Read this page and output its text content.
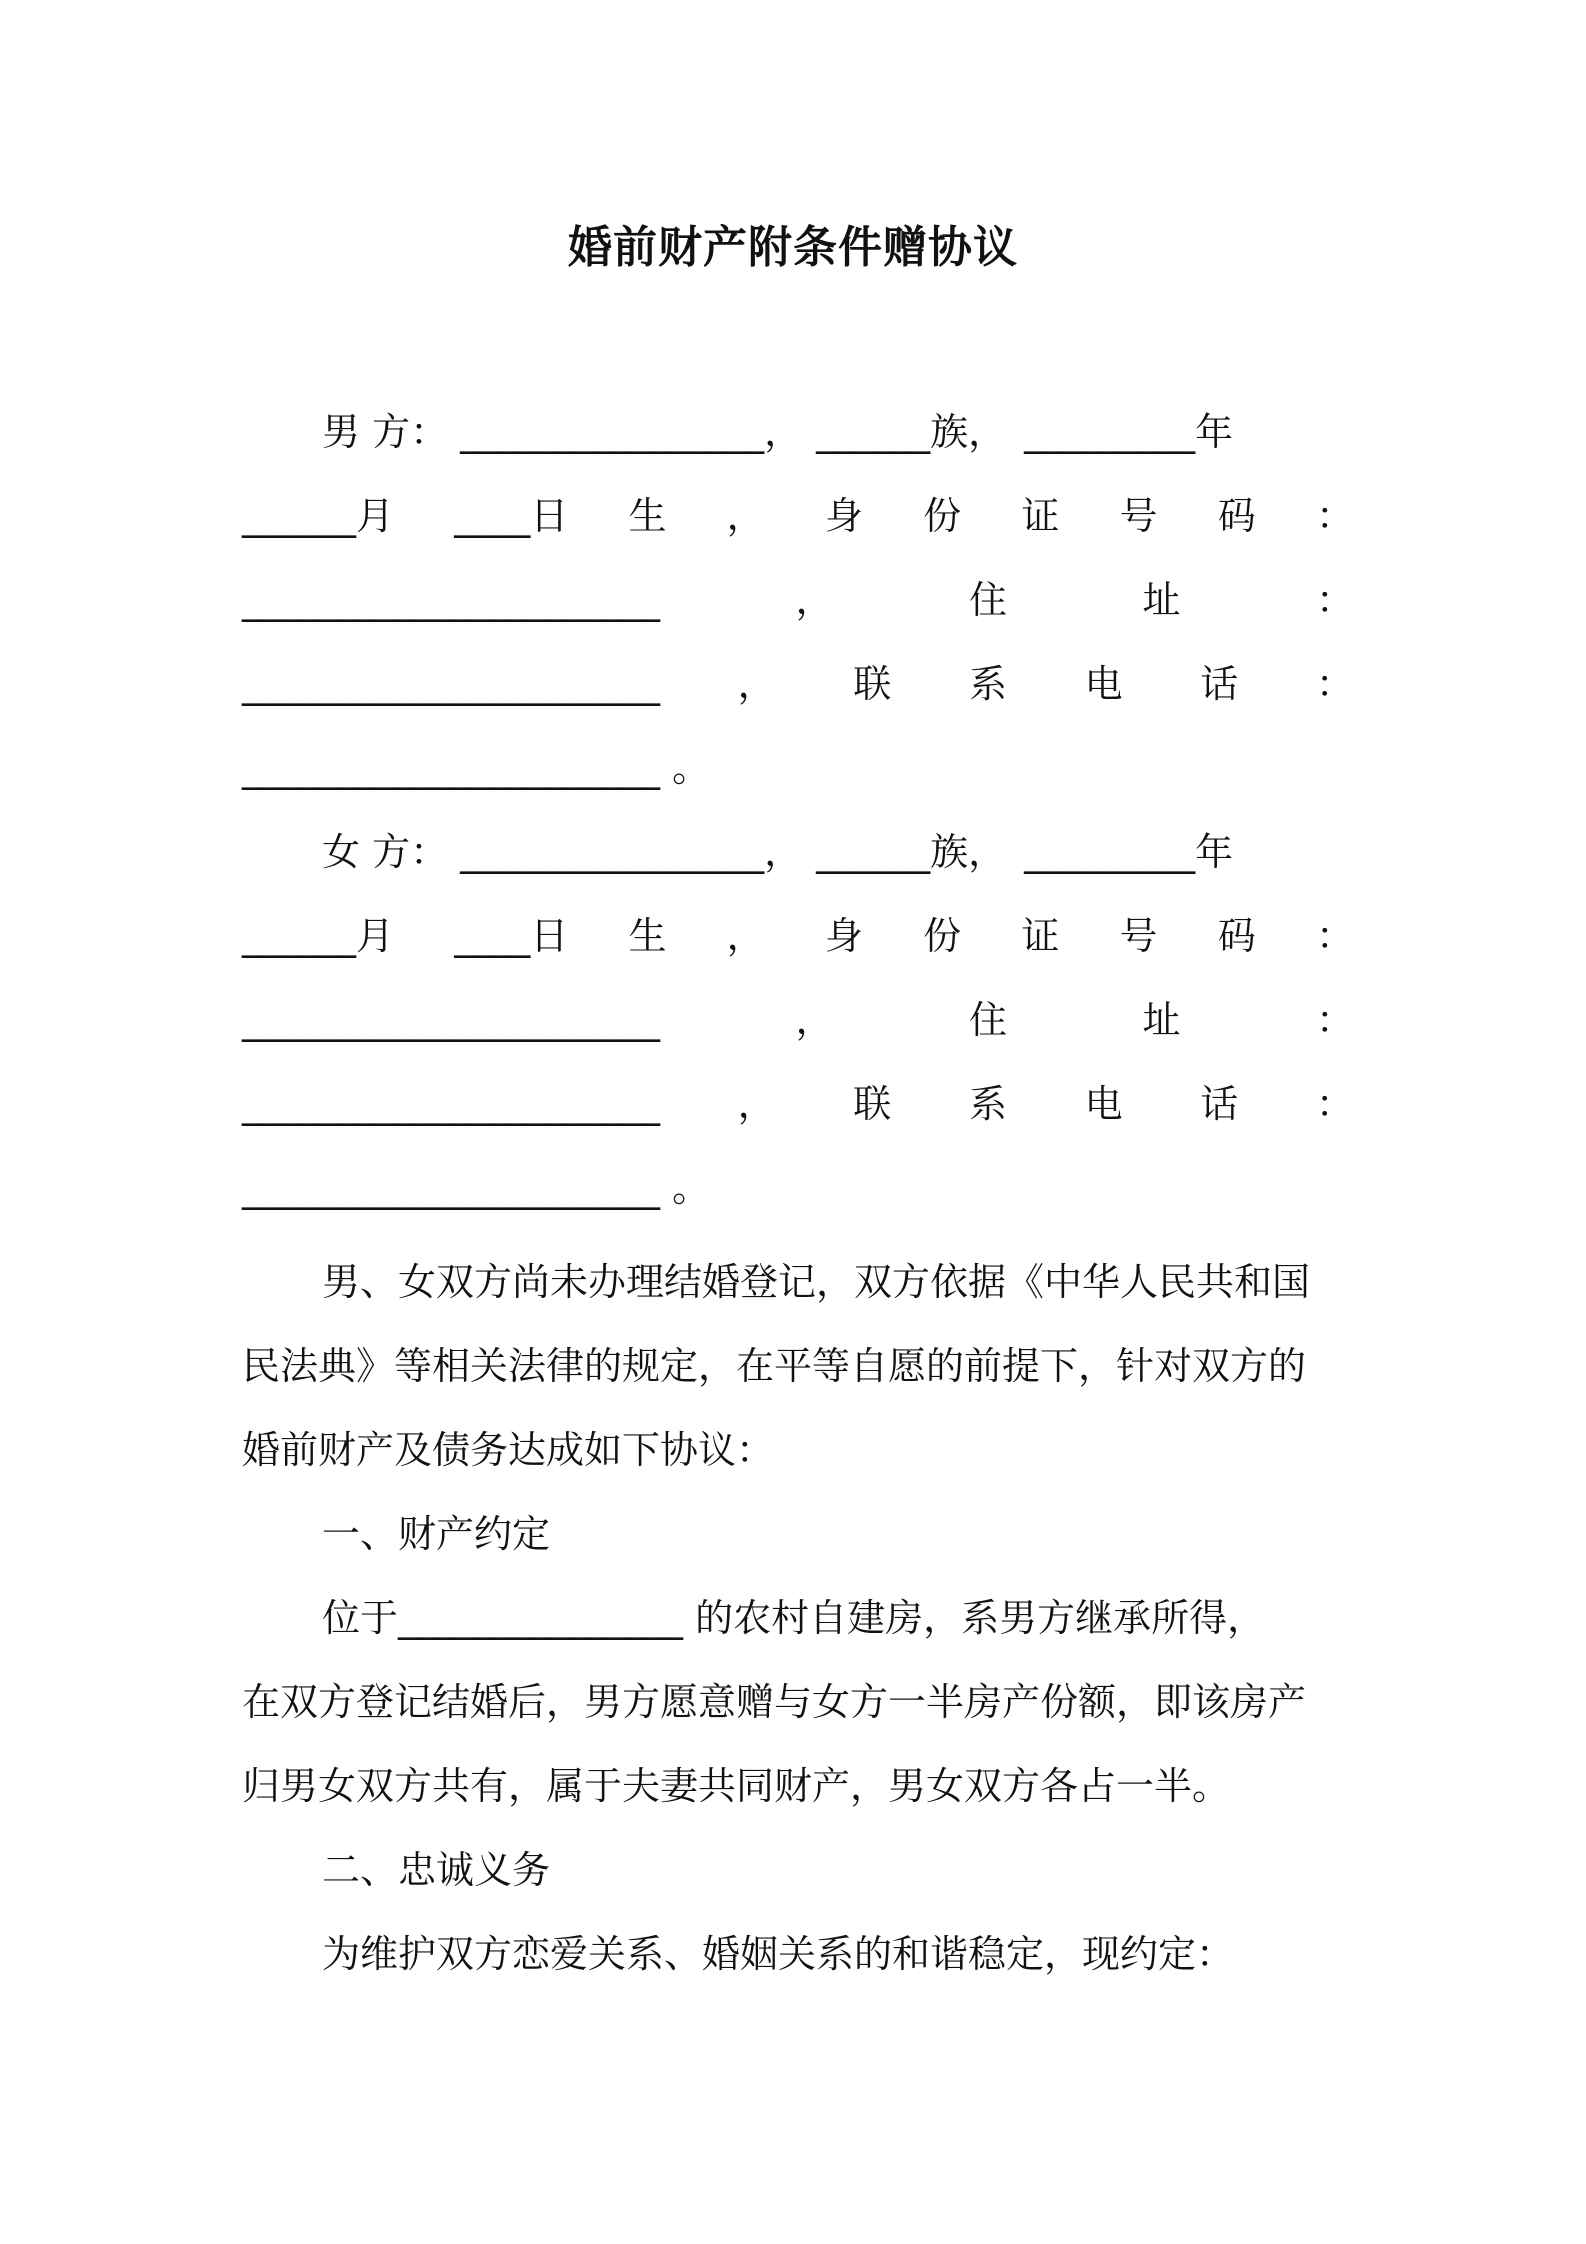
婚前财产附条件赠协议
男 方： ________________， ______族， _________年
______月 ____日 生 ， 身 份 证 号 码 ：
______________________	，	住	址	：
______________________ ， 联 系 电 话 ：
______________________ 。
女 方： ________________， ______族， _________年
______月 ____日 生 ， 身 份 证 号 码 ：
______________________	，	住	址	：
______________________ ， 联 系 电 话 ：
______________________ 。
男、女双方尚未办理结婚登记，双方依据《中华人民共和国
民法典》等相关法律的规定，在平等自愿的前提下，针对双方的
婚前财产及债务达成如下协议：
一、财产约定
位于_______________ 的农村自建房，系男方继承所得，
在双方登记结婚后，男方愿意赠与女方一半房产份额，即该房产
归男女双方共有，属于夫妻共同财产，男女双方各占一半。
二、忠诚义务
为维护双方恋爱关系、婚姻关系的和谐稳定，现约定：
